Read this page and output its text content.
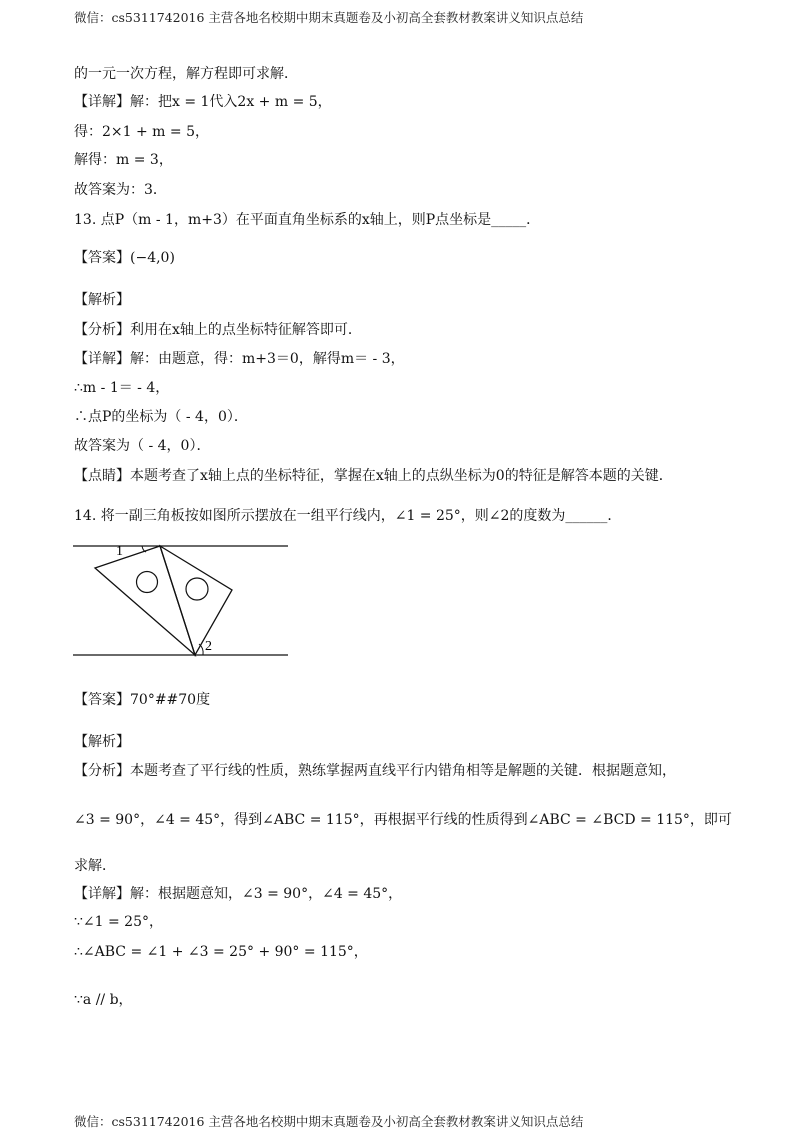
微信：cs5311742016 主营各地名校期中期末真题卷及小初高全套教材教案讲义知识点总结
的一元一次方程，解方程即可求解．
【详解】解：把x = 1代入2x + m = 5，
得：2×1 + m = 5，
解得：m = 3，
故答案为：3．
13. 点P（m - 1，m+3）在平面直角坐标系的x轴上，则P点坐标是_____．
【答案】(−4,0)
【解析】
【分析】利用在x轴上的点坐标特征解答即可．
【详解】解：由题意，得：m+3＝0，解得m＝ - 3，
∴m - 1＝ - 4，
∴点P的坐标为（ - 4，0）．
故答案为（ - 4，0）．
【点睛】本题考查了x轴上点的坐标特征，掌握在x轴上的点纵坐标为0的特征是解答本题的关键．
14. 将一副三角板按如图所示摆放在一组平行线内，∠1 = 25°，则∠2的度数为______．
1
2
【答案】70°##70度
【解析】
【分析】本题考查了平行线的性质，熟练掌握两直线平行内错角相等是解题的关键．根据题意知，
∠3 = 90°，∠4 = 45°，得到∠ABC = 115°，再根据平行线的性质得到∠ABC = ∠BCD = 115°，即可
求解．
【详解】解：根据题意知，∠3 = 90°，∠4 = 45°，
∵∠1 = 25°，
∴∠ABC = ∠1 + ∠3 = 25° + 90° = 115°，
∵a // b，
微信：cs5311742016 主营各地名校期中期末真题卷及小初高全套教材教案讲义知识点总结
